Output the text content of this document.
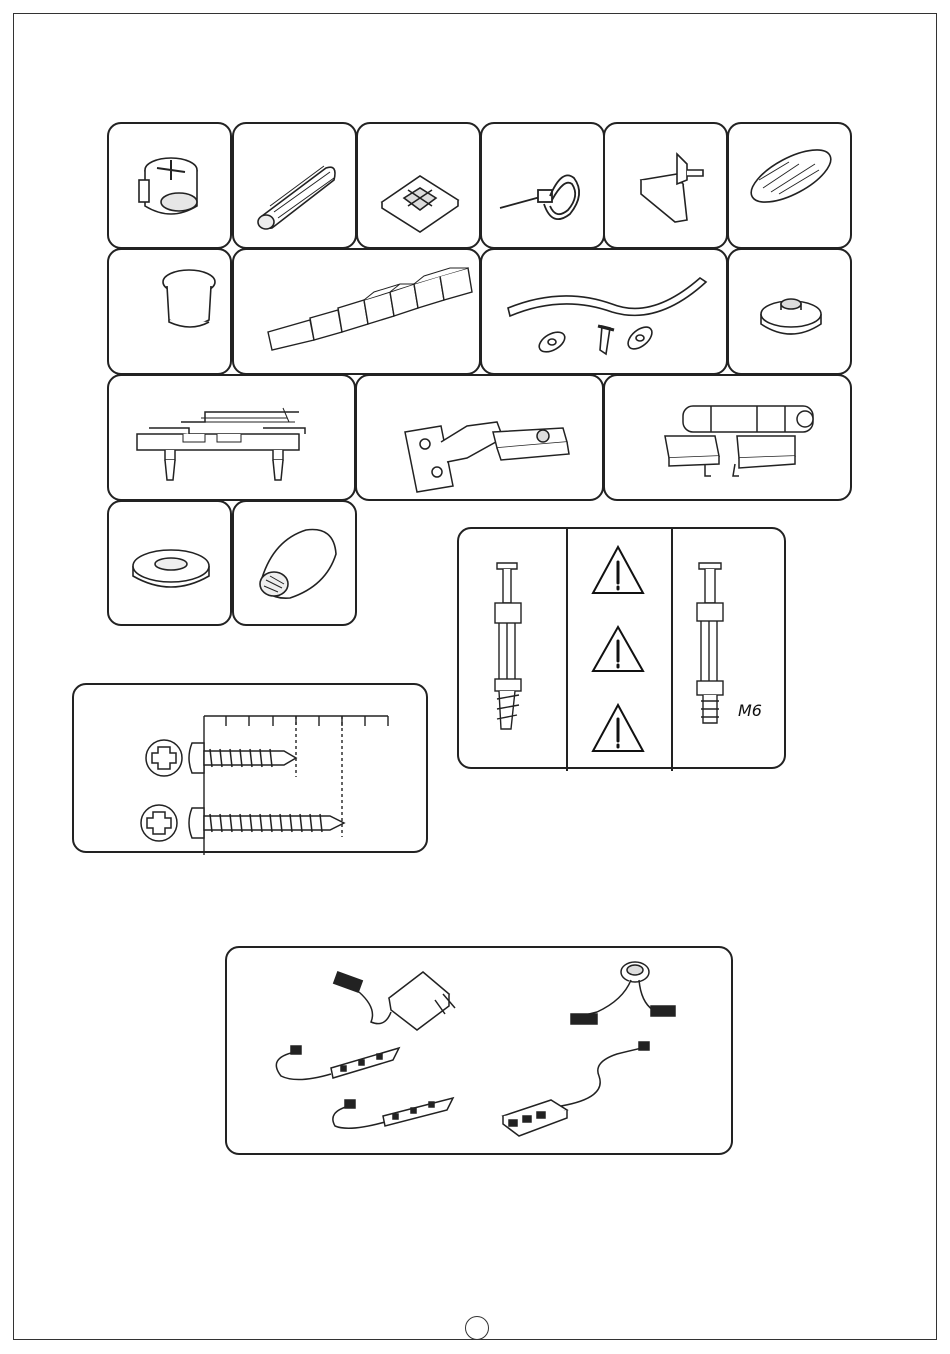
M6
